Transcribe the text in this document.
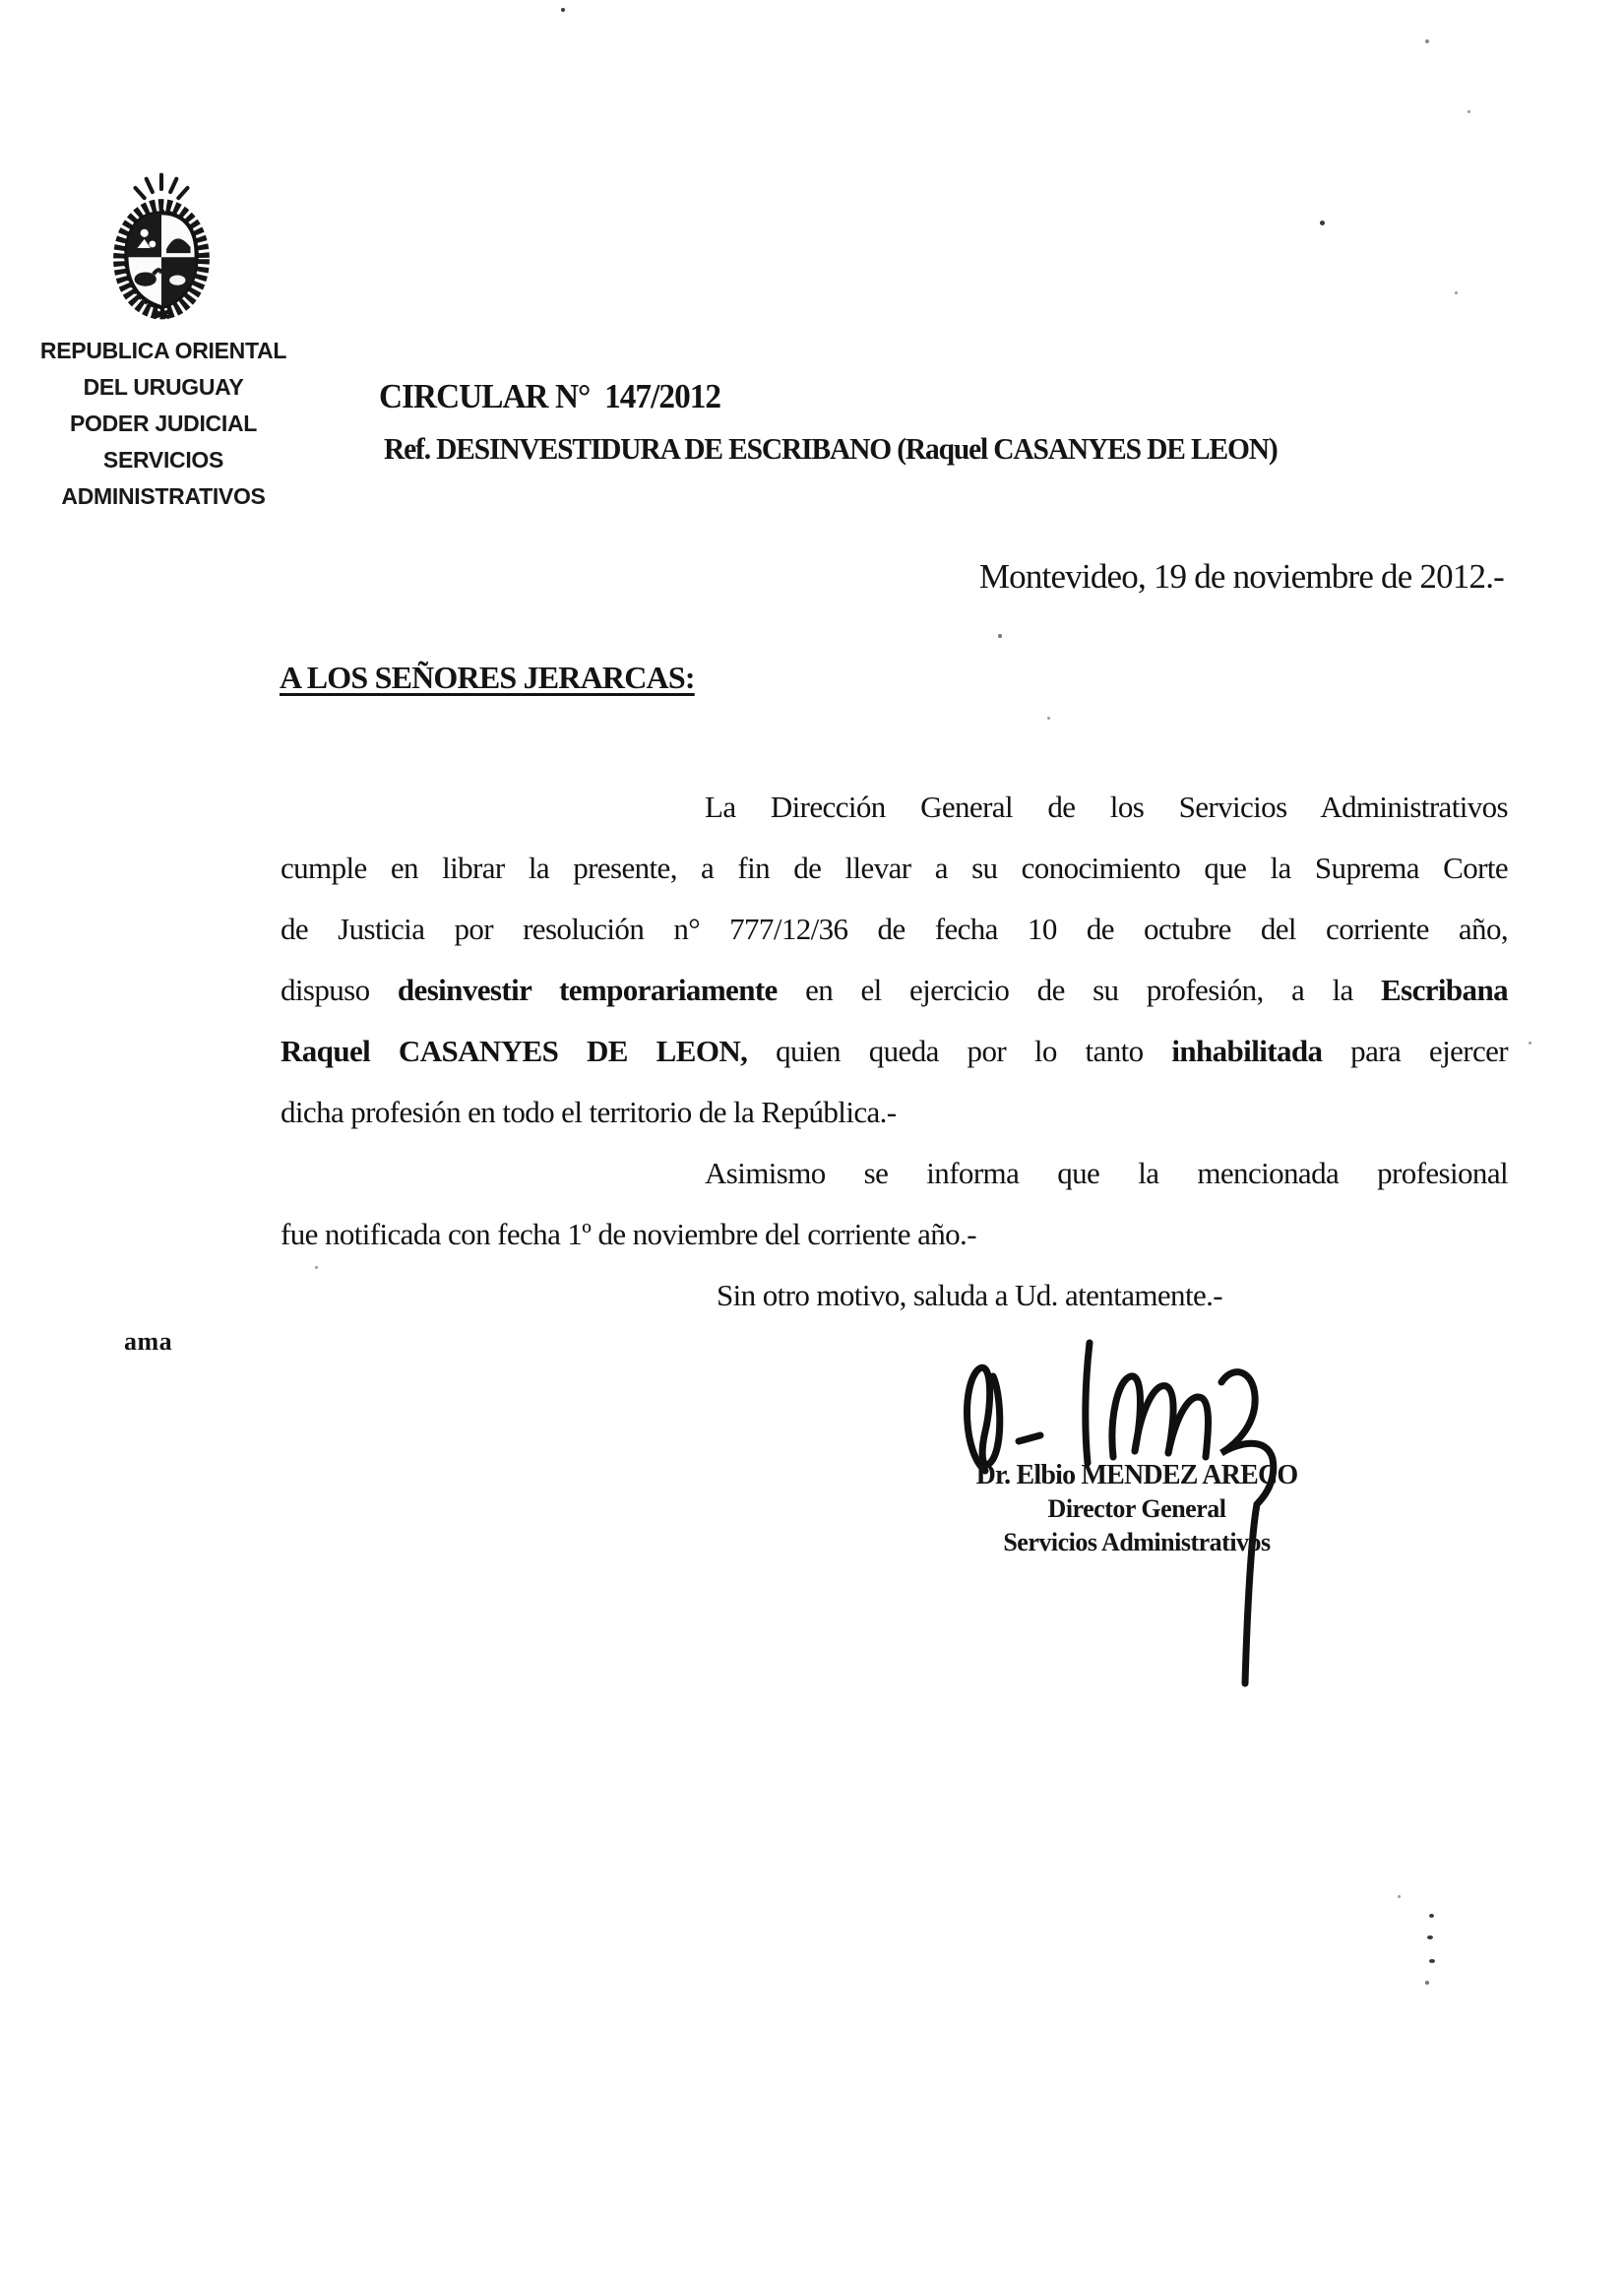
REPUBLICA ORIENTAL
DEL URUGUAY
PODER JUDICIAL
SERVICIOS
ADMINISTRATIVOS
CIRCULAR N°  147/2012
Ref. DESINVESTIDURA DE ESCRIBANO (Raquel CASANYES DE LEON)
Montevideo, 19 de noviembre de 2012.-
A LOS SEÑORES JERARCAS:
La Dirección General de los Servicios Administrativos
cumple en librar la presente, a fin de llevar a su conocimiento que la Suprema Corte
de Justicia por resolución n° 777/12/36 de fecha 10 de octubre del corriente año,
dispuso desinvestir temporariamente en el ejercicio de su profesión, a la Escribana
Raquel CASANYES DE LEON, quien queda por lo tanto inhabilitada para ejercer
dicha profesión en todo el territorio de la República.-
Asimismo se informa que la mencionada profesional
fue notificada con fecha 1º de noviembre del corriente año.-
Sin otro motivo, saluda a Ud. atentamente.-
ama
Dr. Elbio MENDEZ ARECO
Director General
Servicios Administrativos
